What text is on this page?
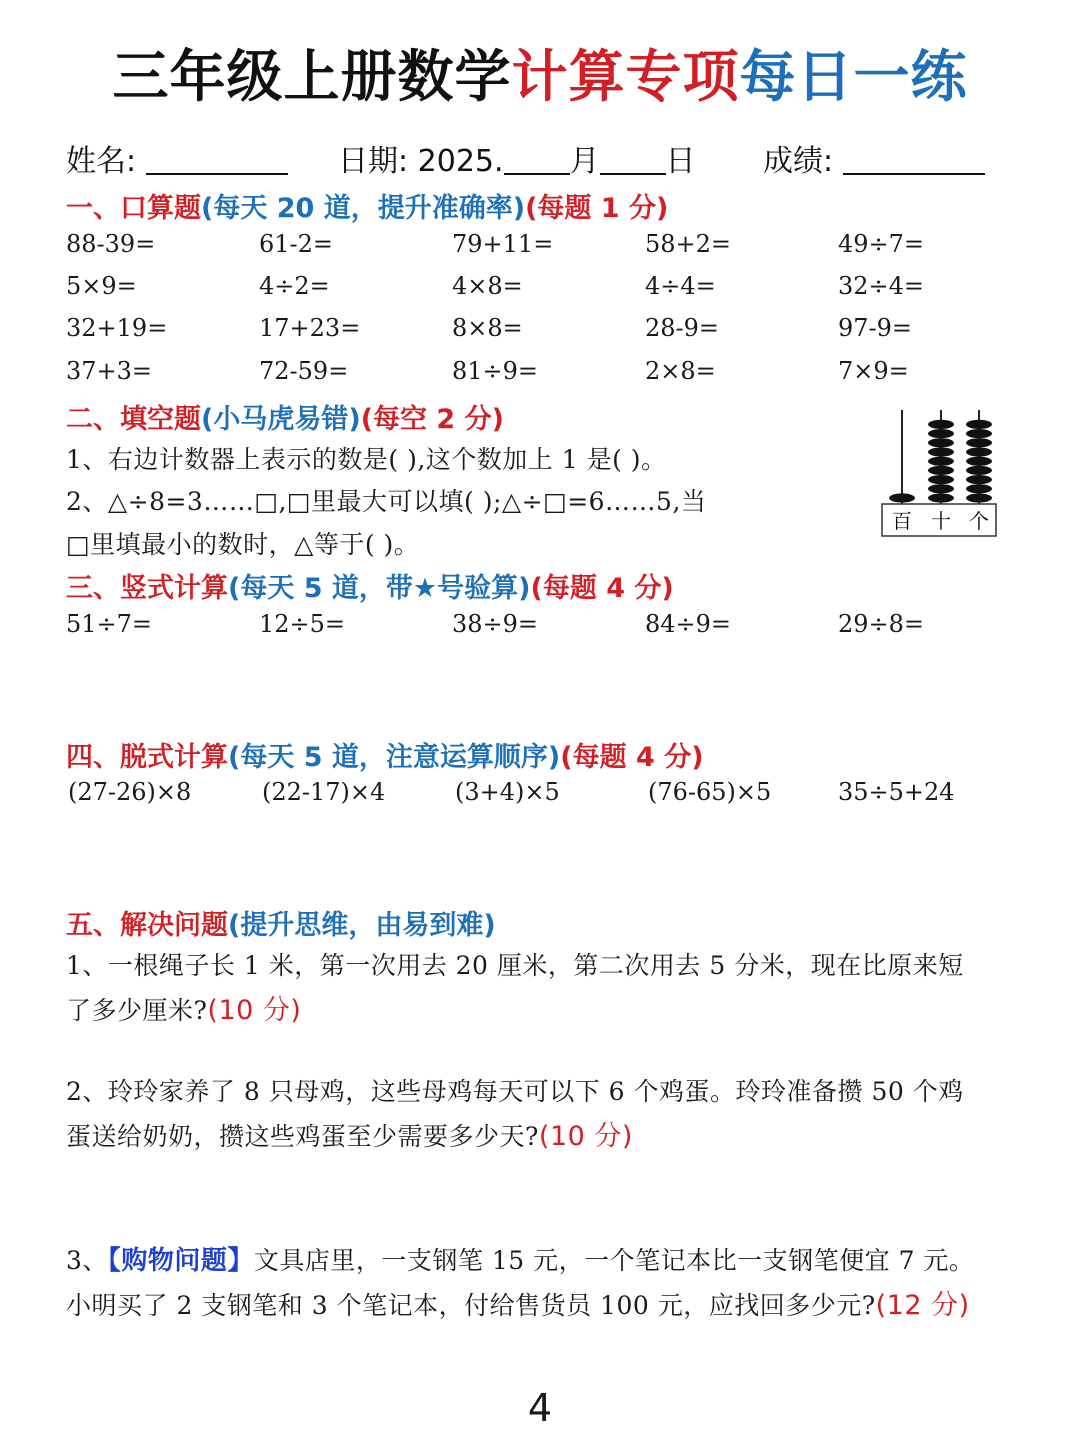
三年级上册数学计算专项每日一练
姓名:	日期: 2025. 月 日 成绩:
一、口算题(每天 20 道，提升准确率)(每题 1 分)
88-39=	61-2=	79+11=	58+2=	49÷7=
5×9=	4÷2=	4×8=	4÷4=	32÷4=
32+19=	17+23=	8×8=	28-9=	97-9=
37+3=	72-59=	81÷9=	2×8=	7×9=
二、填空题(小马虎易错)(每空 2 分)
1、右边计数器上表示的数是( ),这个数加上 1 是( )。
2、△÷8=3……□,□里最大可以填( );△÷□=6……5,当
□里填最小的数时，△等于( )。
百 十 个
三、竖式计算(每天 5 道，带★号验算)(每题 4 分)
51÷7=	12÷5=	38÷9=	84÷9=	29÷8=
四、脱式计算(每天 5 道，注意运算顺序)(每题 4 分)
(27-26)×8	(22-17)×4	(3+4)×5	(76-65)×5	35÷5+24
五、解决问题(提升思维，由易到难)
1、一根绳子长 1 米，第一次用去 20 厘米，第二次用去 5 分米，现在比原来短
了多少厘米?(10 分)
2、玲玲家养了 8 只母鸡，这些母鸡每天可以下 6 个鸡蛋。玲玲准备攒 50 个鸡
蛋送给奶奶，攒这些鸡蛋至少需要多少天?(10 分)
3、【购物问题】文具店里，一支钢笔 15 元，一个笔记本比一支钢笔便宜 7 元。
小明买了 2 支钢笔和 3 个笔记本，付给售货员 100 元，应找回多少元?(12 分)
4
